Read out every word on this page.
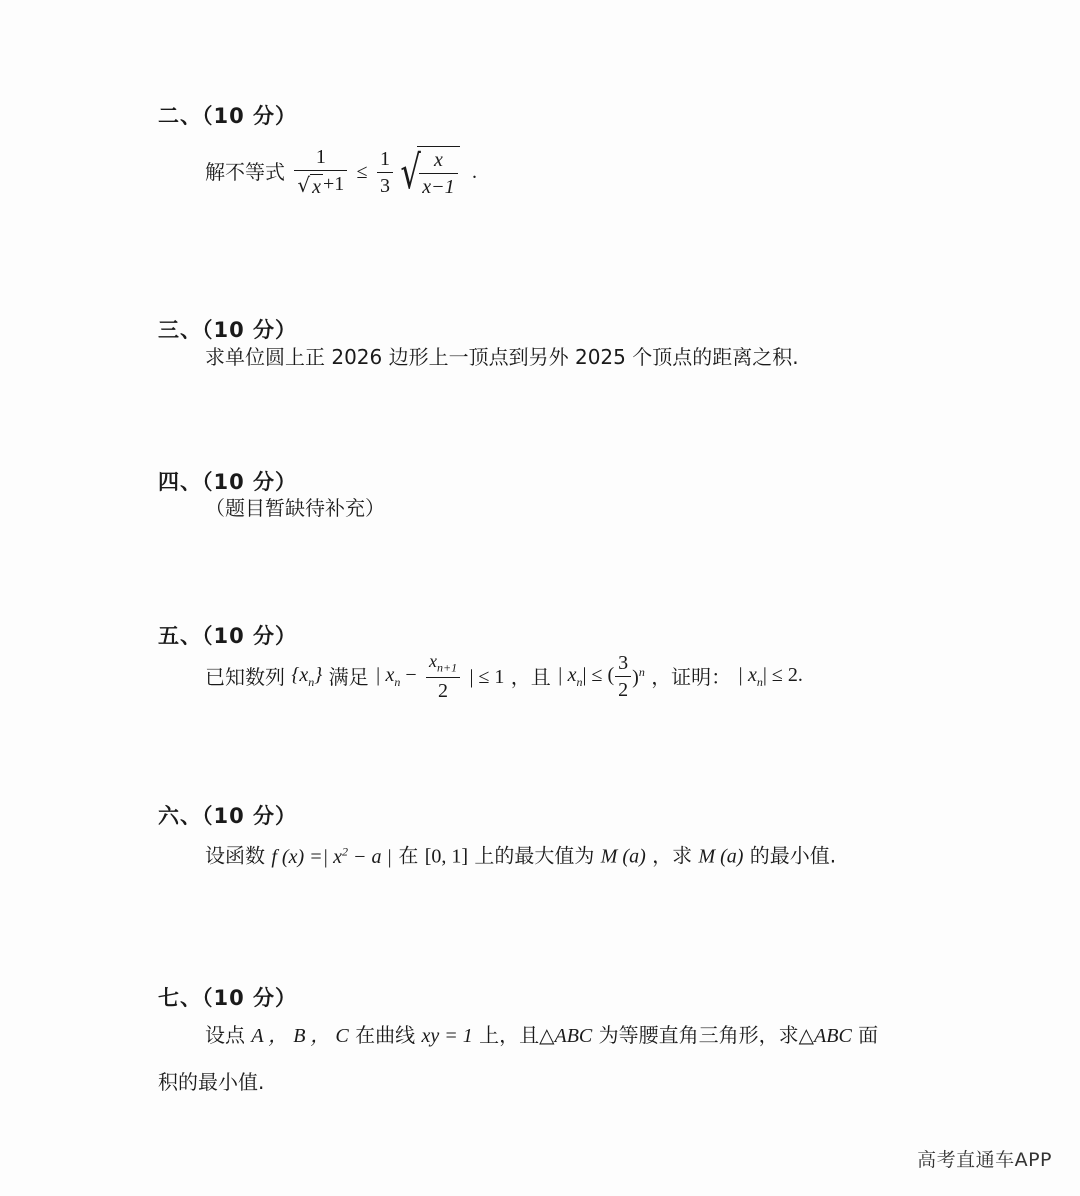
二、（10 分）
解不等式 $\frac{1}{√ x +1} \le \frac{1}{3}$ √
$\frac{x}{x-1}$ .
三、（10 分）
求单位圆上正 2026 边形上一顶点到另外 2025 个顶点的距离之积.
四、（10 分）
（题目暂缺待补充）
五、（10 分）
已知数列 $\{x_n\}$ 满足 | $x_n - \frac{x_{n+1}}{2}$ | ≤ 1 ，且 | $x_n|$ ≤ ( $\frac{3}{2} )^n$ ，证明： | $x_n| \le 2$.
六、（10 分）
设函数 f (x) =| $x^2 - a$ | 在 [0, 1] 上的最大值为 M (a) ，求 M (a) 的最小值.
七、（10 分）
设点 A ， B ， C 在曲线 xy = 1 上，且△ABC 为等腰直角三角形，求△ABC 面
积的最小值.
高考直通车APP
